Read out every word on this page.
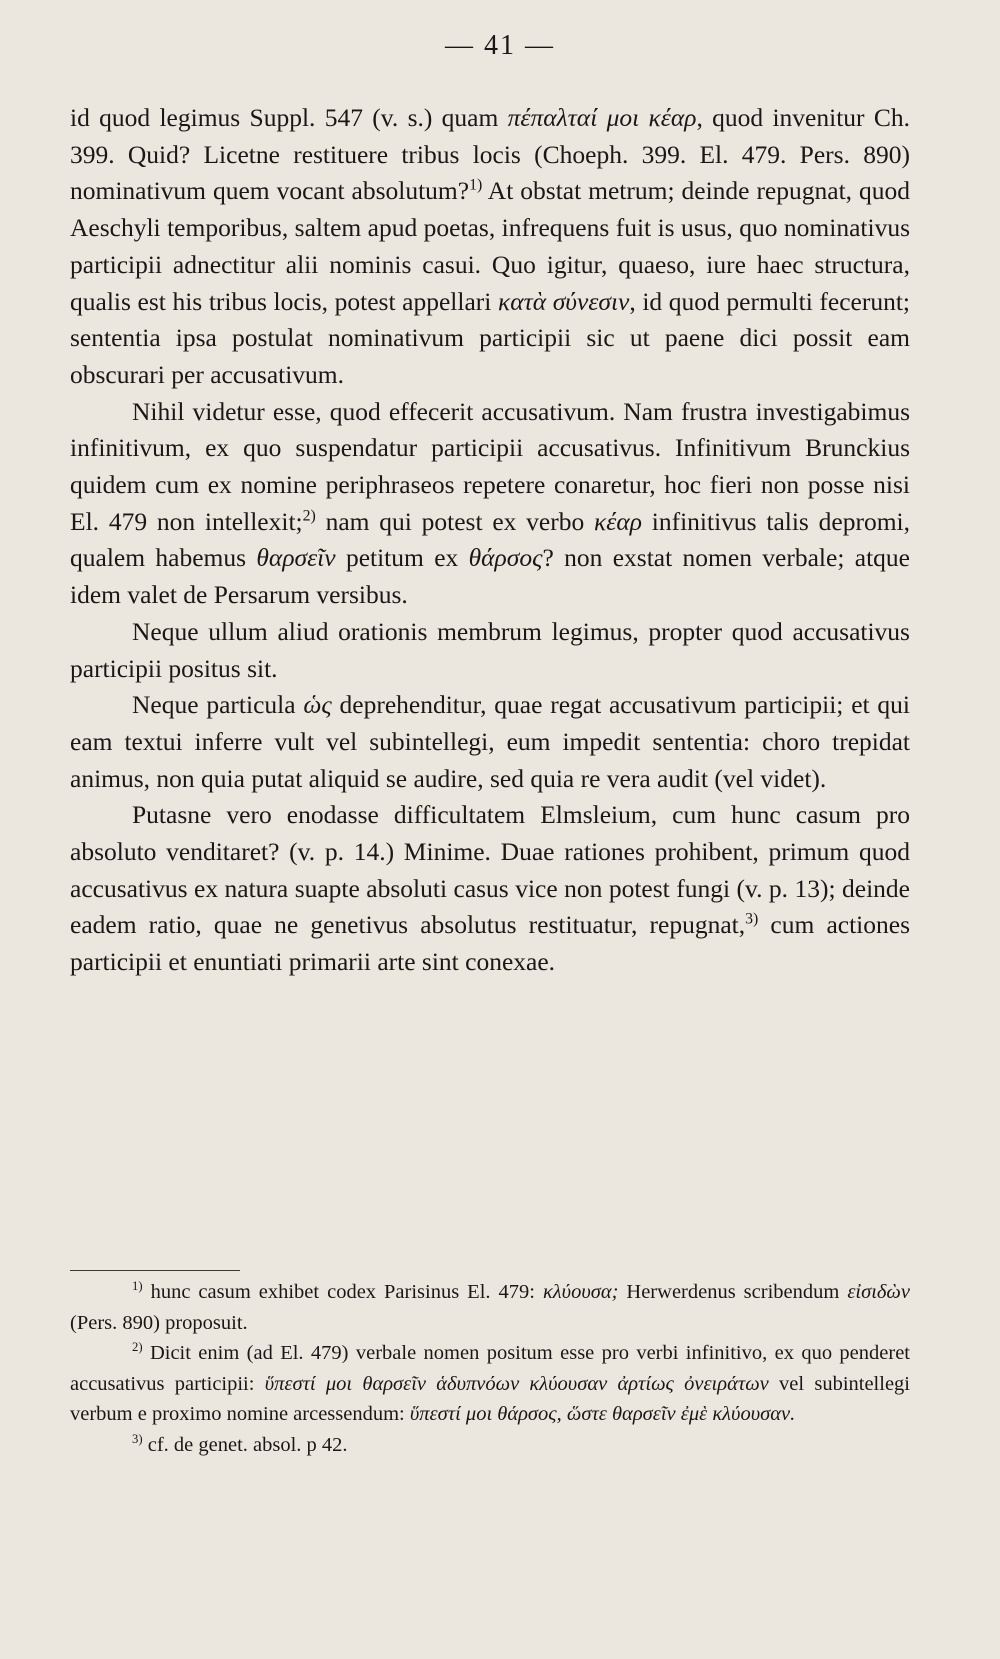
— 41 —

id quod legimus Suppl. 547 (v. s.) quam πέπαλταί μοι κέαρ, quod invenitur Ch. 399. Quid? Licetne restituere tribus locis (Choeph. 399. El. 479. Pers. 890) nominativum quem vocant absolutum?$^{1)}$ At obstat metrum; deinde repugnat, quod Aeschyli temporibus, saltem apud poetas, infrequens fuit is usus, quo nominativus participii adnectitur alii nominis casui. Quo igitur, quaeso, iure haec structura, qualis est his tribus locis, potest appellari κατὰ σύνεσιν, id quod permulti fecerunt; sententia ipsa postulat nominativum participii sic ut paene dici possit eam obscurari per accusativum.

Nihil videtur esse, quod effecerit accusativum. Nam frustra investigabimus infinitivum, ex quo suspendatur participii accusativus. Infinitivum Brunckius quidem cum ex nomine periphraseos repetere conaretur, hoc fieri non posse nisi El. 479 non intellexit;$^{2)}$ nam qui potest ex verbo κέαρ infinitivus talis depromi, qualem habemus θαρσεῖν petitum ex θάρσος? non exstat nomen verbale; atque idem valet de Persarum versibus.

Neque ullum aliud orationis membrum legimus, propter quod accusativus participii positus sit.

Neque particula ὡς deprehenditur, quae regat accusativum participii; et qui eam textui inferre vult vel subintellegi, eum impedit sententia: choro trepidat animus, non quia putat aliquid se audire, sed quia re vera audit (vel videt).

Putasne vero enodasse difficultatem Elmsleium, cum hunc casum pro absoluto venditaret? (v. p. 14.) Minime. Duae rationes prohibent, primum quod accusativus ex natura suapte absoluti casus vice non potest fungi (v. p. 13); deinde eadem ratio, quae ne genetivus absolutus restituatur, repugnat,$^{3)}$ cum actiones participii et enuntiati primarii arte sint conexae.

$^{1)}$ hunc casum exhibet codex Parisinus El. 479: κλύουσα; Herwerdenus scribendum εἰσιδὼν (Pers. 890) proposuit.

$^{2)}$ Dicit enim (ad El. 479) verbale nomen positum esse pro verbi infinitivo, ex quo penderet accusativus participii: ὕπεστί μοι θαρσεῖν ἁδυπνόων κλύουσαν ἀρτίως ὀνειράτων vel subintellegi verbum e proximo nomine arcessendum: ὕπεστί μοι θάρσος, ὥστε θαρσεῖν ἐμὲ κλύουσαν.

$^{3)}$ cf. de genet. absol. p 42.
